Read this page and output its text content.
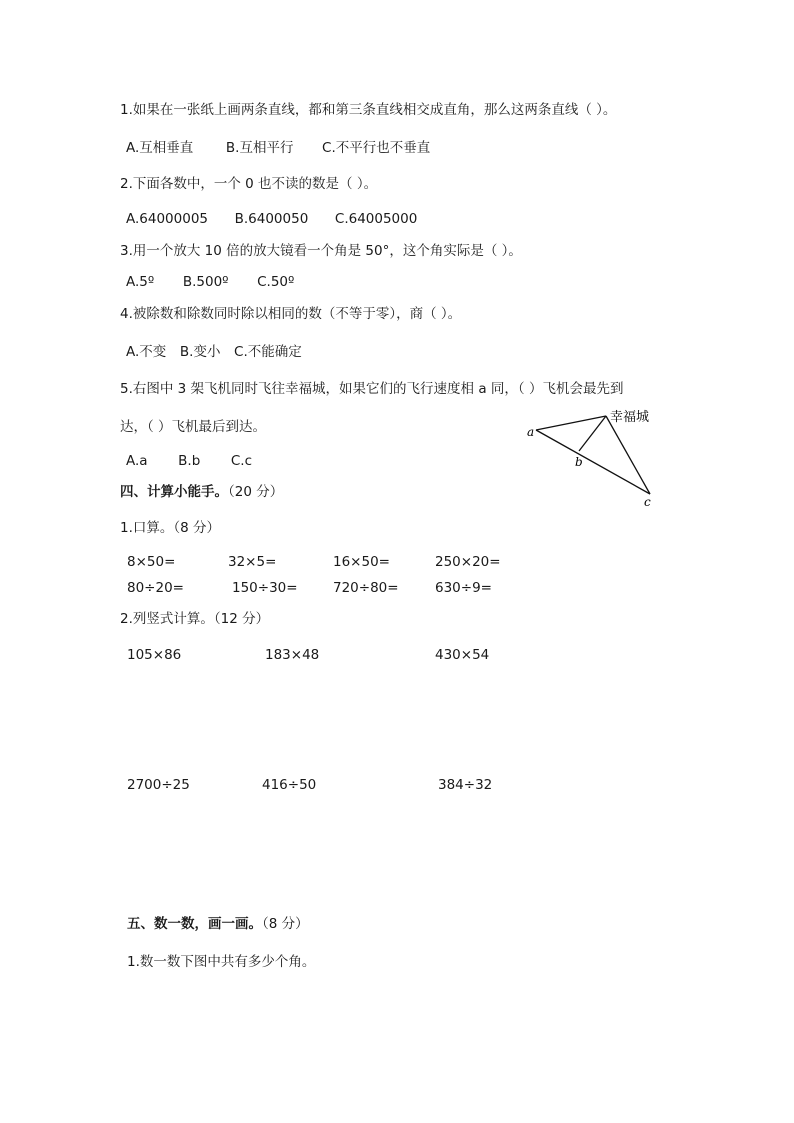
1.如果在一张纸上画两条直线，都和第三条直线相交成直角，那么这两条直线（ ）。
A.互相垂直 B.互相平行 C.不平行也不垂直
2.下面各数中，一个 0 也不读的数是（ ）。
A.64000005 B.6400050 C.64005000
3.用一个放大 10 倍的放大镜看一个角是 50°，这个角实际是（ ）。
A.5º B.500º C.50º
4.被除数和除数同时除以相同的数（不等于零），商（ ）。
A.不变 B.变小 C.不能确定
5.右图中 3 架飞机同时飞往幸福城，如果它们的飞行速度相 a 同，（ ）飞机会最先到
达，（ ）飞机最后到达。
A.a B.b C.c
a
b
c
幸福城
四、计算小能手。（20 分）
1.口算。（8 分）
8×50=	32×5=	16×50=	250×20=
80÷20=	150÷30=	720÷80=	630÷9=
2.列竖式计算。（12 分）
105×86	183×48	430×54
2700÷25	416÷50	384÷32
五、数一数，画一画。（8 分）
1.数一数下图中共有多少个角。
